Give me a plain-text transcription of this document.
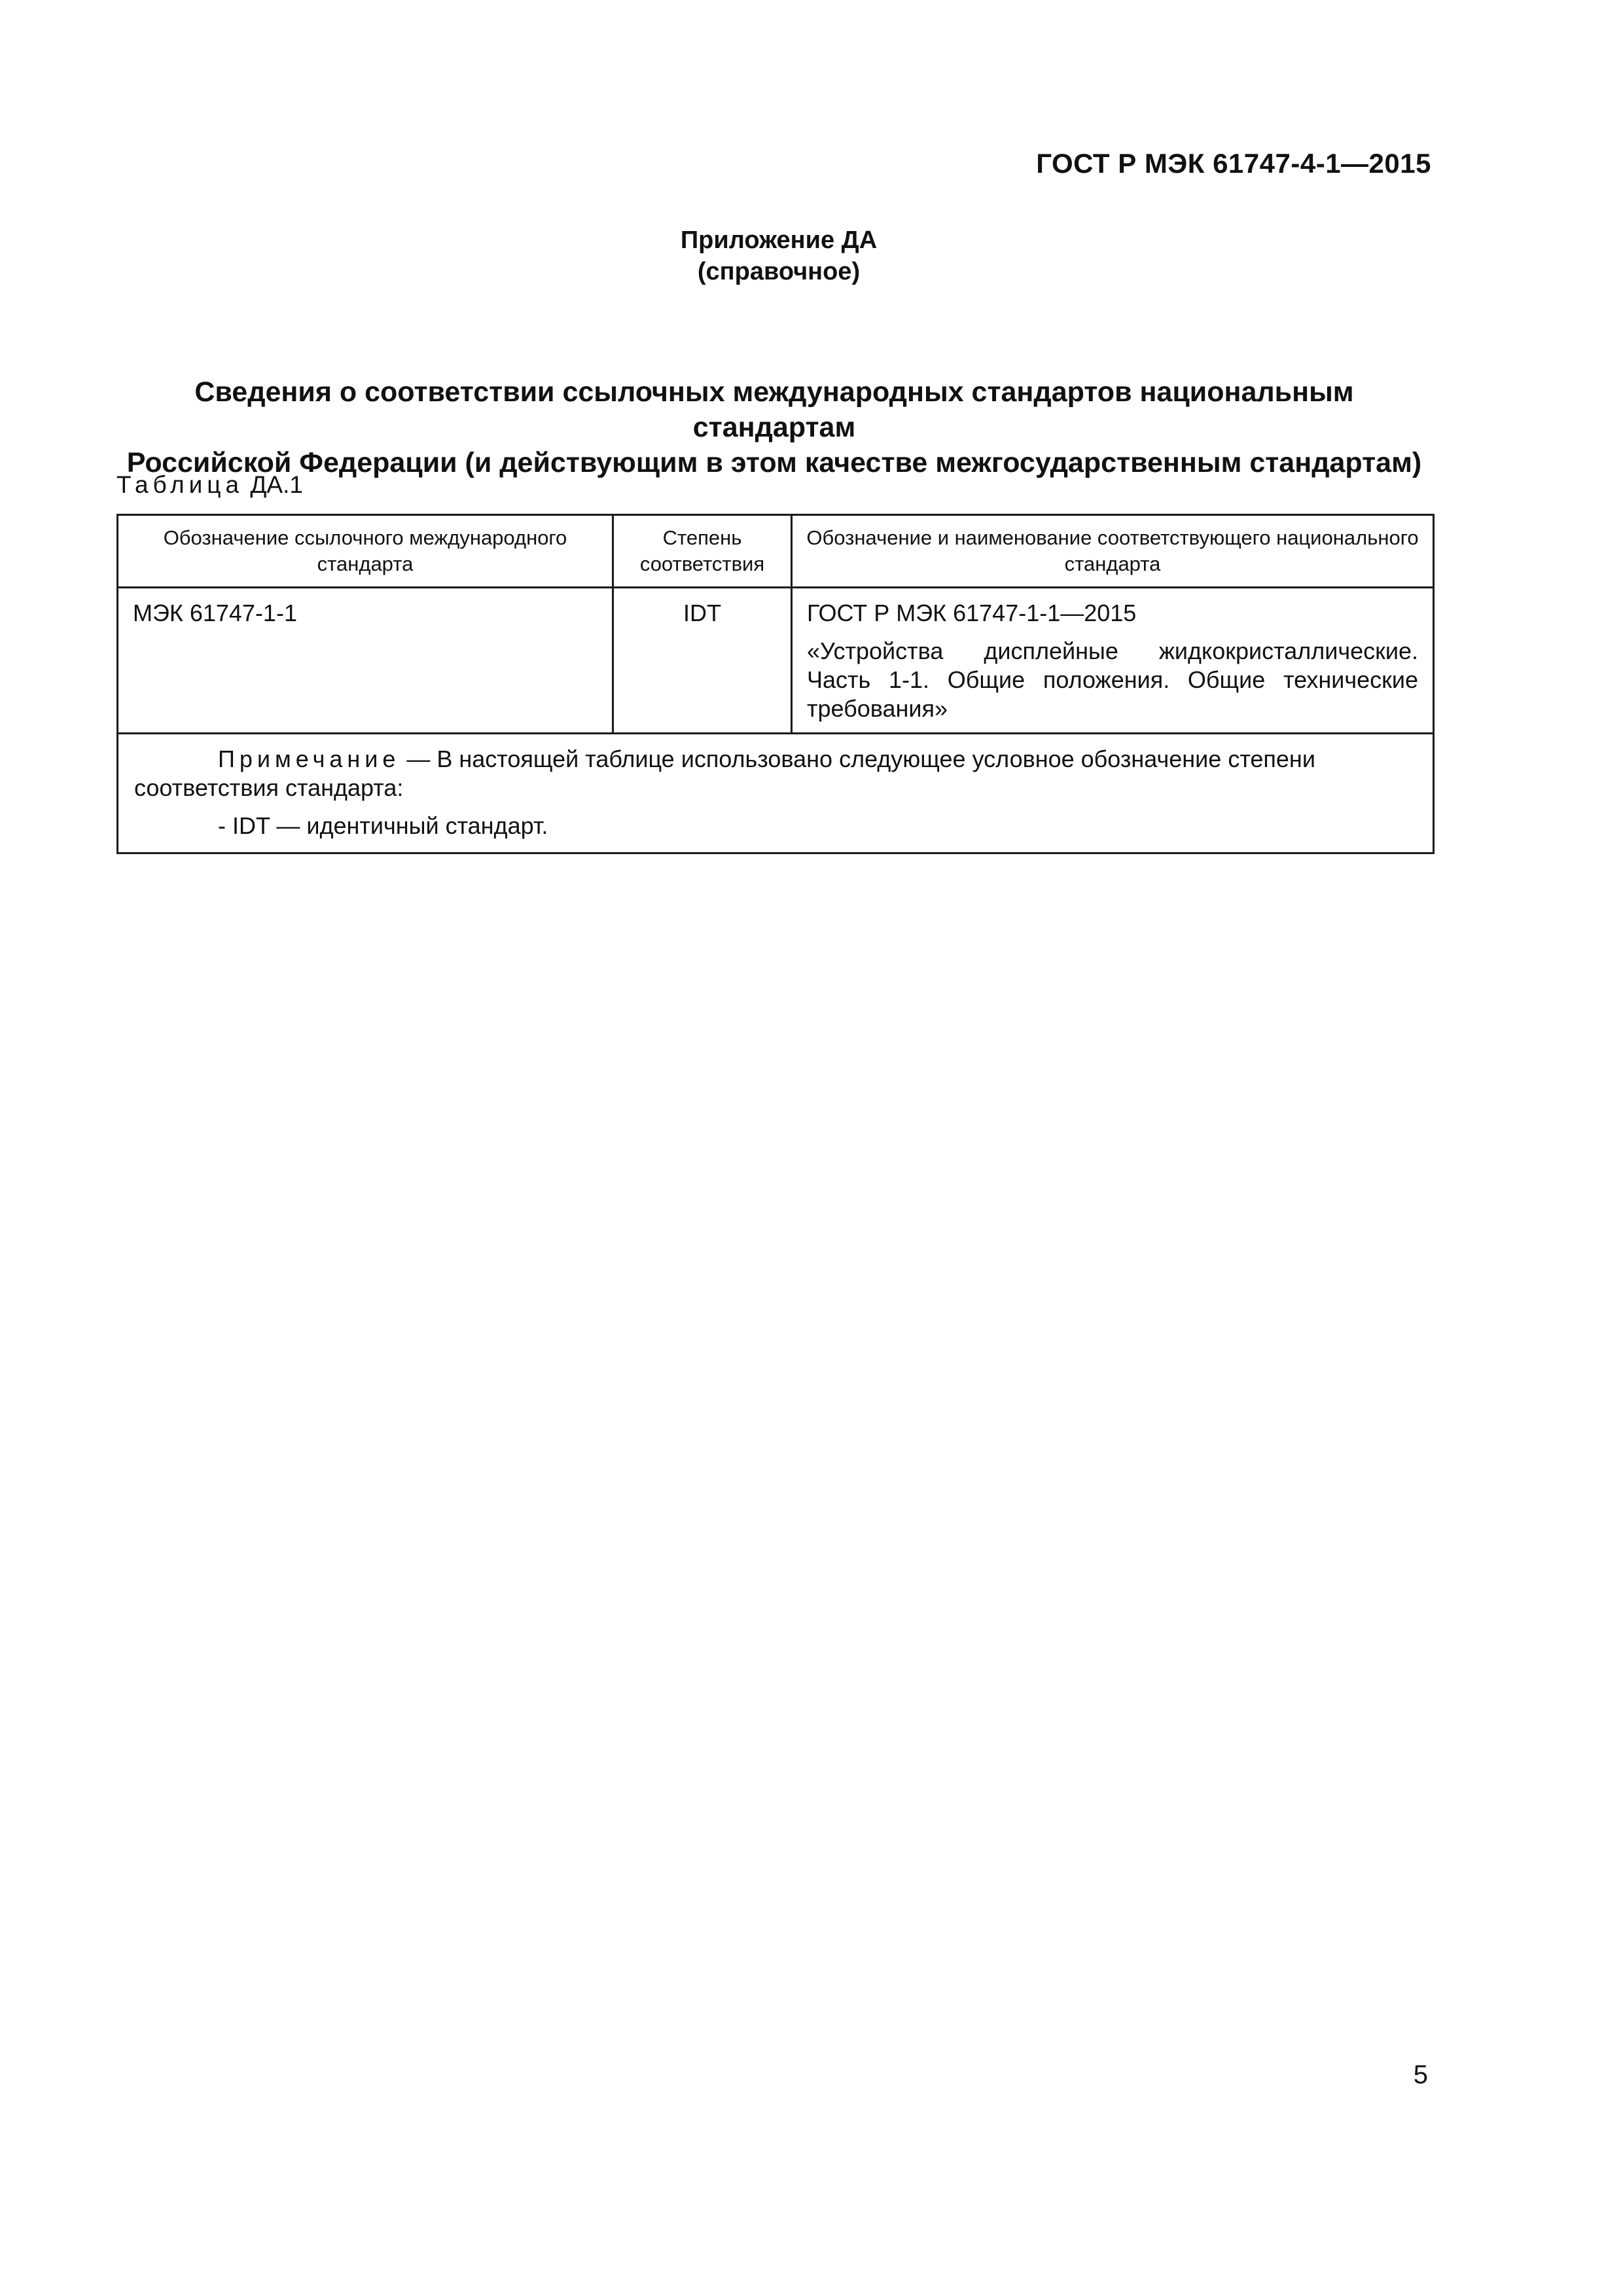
ГОСТ Р МЭК 61747-4-1—2015
Приложение ДА
(справочное)
Сведения о соответствии ссылочных международных стандартов национальным стандартам
Российской Федерации (и действующим в этом качестве межгосударственным стандартам)
Таблица ДА.1
Обозначение ссылочного международного стандарта	Степень соответствия	Обозначение и наименование соответствующего национального стандарта
МЭК 61747-1-1	IDT	ГОСТ Р МЭК 61747-1-1—2015

«Устройства дисплейные жидкокристаллические. Часть 1-1. Общие положения. Общие технические требования»

Примечание — В настоящей таблице использовано следующее условное обозначение степени соответствия стандарта:

- IDT — идентичный стандарт.		

5
